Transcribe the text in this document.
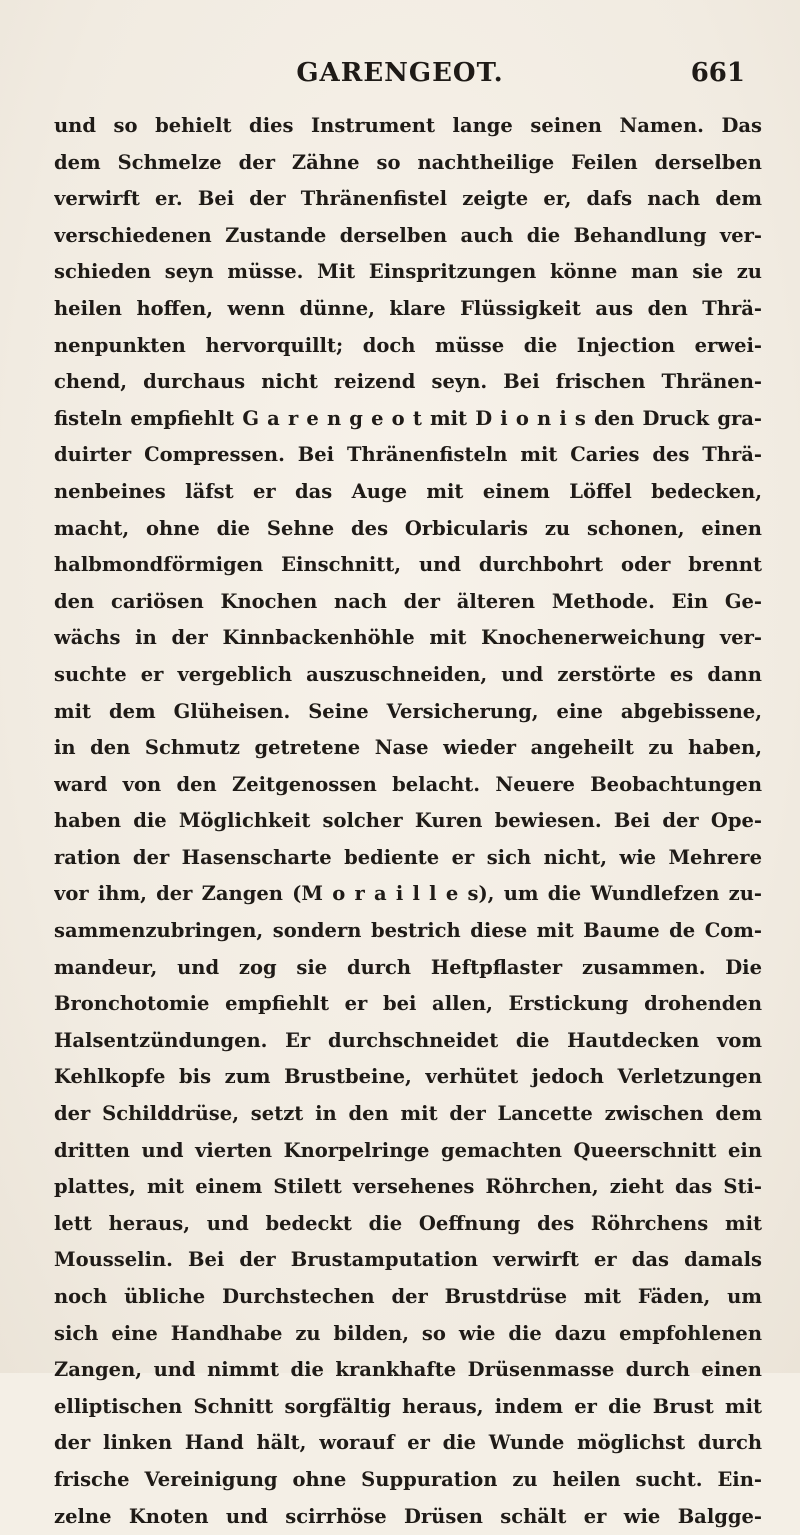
GARENGEOT.	661
und so behielt dies Instrument lange seinen Namen. Das
dem Schmelze der Zähne so nachtheilige Feilen derselben
verwirft er. Bei der Thränenfistel zeigte er, dafs nach dem
verschiedenen Zustande derselben auch die Behandlung ver-
schieden seyn müsse. Mit Einspritzungen könne man sie zu
heilen hoffen, wenn dünne, klare Flüssigkeit aus den Thrä-
nenpunkten hervorquillt; doch müsse die Injection erwei-
chend, durchaus nicht reizend seyn. Bei frischen Thränen-
fisteln empfiehlt G a r e n g e o t mit D i o n i s den Druck gra-
duirter Compressen. Bei Thränenfisteln mit Caries des Thrä-
nenbeines läfst er das Auge mit einem Löffel bedecken,
macht, ohne die Sehne des Orbicularis zu schonen, einen
halbmondförmigen Einschnitt, und durchbohrt oder brennt
den cariösen Knochen nach der älteren Methode. Ein Ge-
wächs in der Kinnbackenhöhle mit Knochenerweichung ver-
suchte er vergeblich auszuschneiden, und zerstörte es dann
mit dem Glüheisen. Seine Versicherung, eine abgebissene,
in den Schmutz getretene Nase wieder angeheilt zu haben,
ward von den Zeitgenossen belacht. Neuere Beobachtungen
haben die Möglichkeit solcher Kuren bewiesen. Bei der Ope-
ration der Hasenscharte bediente er sich nicht, wie Mehrere
vor ihm, der Zangen (M o r a i l l e s), um die Wundlefzen zu-
sammenzubringen, sondern bestrich diese mit Baume de Com-
mandeur, und zog sie durch Heftpflaster zusammen. Die
Bronchotomie empfiehlt er bei allen, Erstickung drohenden
Halsentzündungen. Er durchschneidet die Hautdecken vom
Kehlkopfe bis zum Brustbeine, verhütet jedoch Verletzungen
der Schilddrüse, setzt in den mit der Lancette zwischen dem
dritten und vierten Knorpelringe gemachten Queerschnitt ein
plattes, mit einem Stilett versehenes Röhrchen, zieht das Sti-
lett heraus, und bedeckt die Oeffnung des Röhrchens mit
Mousselin. Bei der Brustamputation verwirft er das damals
noch übliche Durchstechen der Brustdrüse mit Fäden, um
sich eine Handhabe zu bilden, so wie die dazu empfohlenen
Zangen, und nimmt die krankhafte Drüsenmasse durch einen
elliptischen Schnitt sorgfältig heraus, indem er die Brust mit
der linken Hand hält, worauf er die Wunde möglichst durch
frische Vereinigung ohne Suppuration zu heilen sucht. Ein-
zelne Knoten und scirrhöse Drüsen schält er wie Balgge-
